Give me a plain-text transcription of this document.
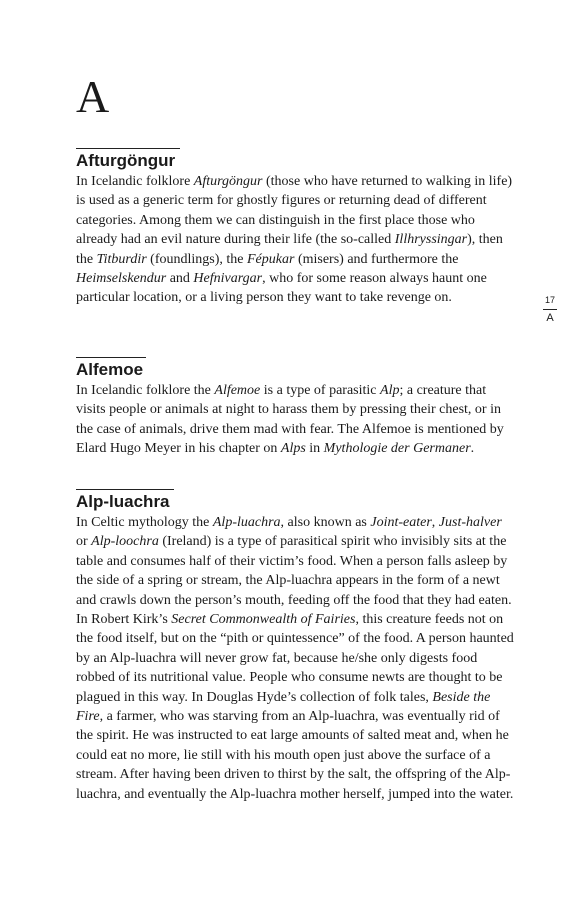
A
Afturgöngur

In Icelandic folklore Afturgöngur (those who have returned to walking in life) is used as a generic term for ghostly figures or returning dead of different categories. Among them we can distinguish in the first place those who already had an evil nature during their life (the so-called Illhryssingar), then the Titburdir (foundlings), the Fépukar (misers) and furthermore the Heimselskendur and Hefnivargar, who for some reason always haunt one particular location, or a living person they want to take revenge on.

Alfemoe

In Icelandic folklore the Alfemoe is a type of parasitic Alp; a creature that visits people or animals at night to harass them by pressing their chest, or in the case of animals, drive them mad with fear. The Alfemoe is mentioned by Elard Hugo Meyer in his chapter on Alps in Mythologie der Germaner.

Alp-luachra

In Celtic mythology the Alp-luachra, also known as Joint-eater, Just-halver or Alp-loochra (Ireland) is a type of parasitical spirit who invisibly sits at the table and consumes half of their victim’s food. When a person falls asleep by the side of a spring or stream, the Alp-luachra appears in the form of a newt and crawls down the person’s mouth, feeding off the food that they had eaten. In Robert Kirk’s Secret Commonwealth of Fairies, this creature feeds not on the food itself, but on the “pith or quintessence” of the food. A person haunted by an Alp-luachra will never grow fat, because he/she only digests food robbed of its nutritional value. People who consume newts are thought to be plagued in this way. In Douglas Hyde’s collection of folk tales, Beside the Fire, a farmer, who was starving from an Alp-luachra, was eventually rid of the spirit. He was instructed to eat large amounts of salted meat and, when he could eat no more, lie still with his mouth open just above the surface of a stream. After having been driven to thirst by the salt, the offspring of the Alp-luachra, and eventually the Alp-luachra mother herself, jumped into the water.

17
A
